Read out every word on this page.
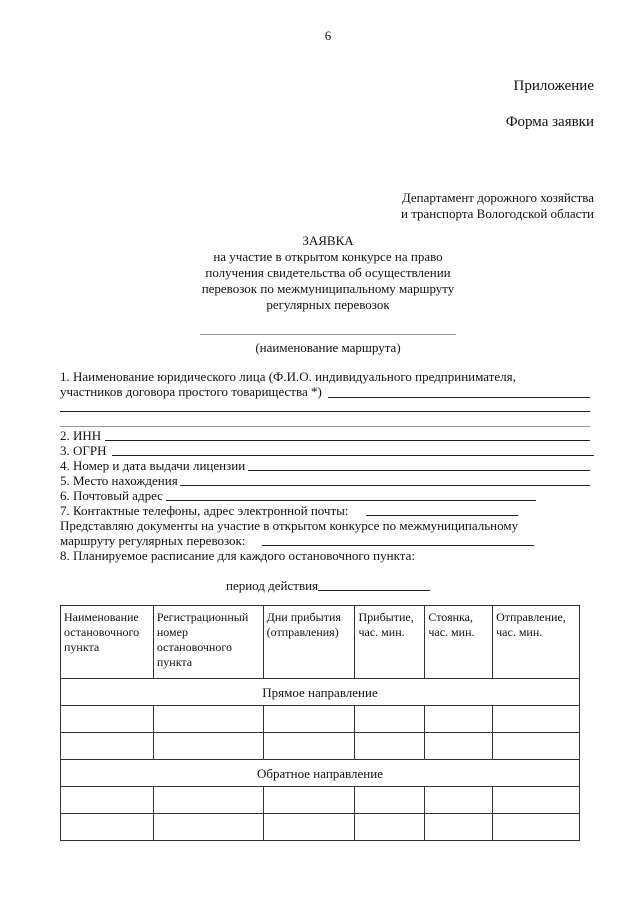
6
Приложение
Форма заявки
Департамент дорожного хозяйства
и транспорта Вологодской области
ЗАЯВКА
на участие в открытом конкурсе на право
получения свидетельства об осуществлении
перевозок по межмуниципальному маршруту
регулярных перевозок
(наименование маршрута)
1. Наименование юридического лица (Ф.И.О. индивидуального предпринимателя,
участников договора простого товарищества *)
2. ИНН
3. ОГРН
4. Номер и дата выдачи лицензии
5. Место нахождения
6. Почтовый адрес
7. Контактные телефоны, адрес электронной почты:
Представляю документы на участие в открытом конкурсе по межмуниципальному
маршруту регулярных перевозок:
8. Планируемое расписание для каждого остановочного пункта:
период действия
Наименование остановочного пункта	Регистрационный номер остановочного пункта	Дни прибытия (отправления)	Прибытие, час. мин.	Стоянка, час. мин.	Отправление, час. мин.
Прямое направление					

Обратное направление					
